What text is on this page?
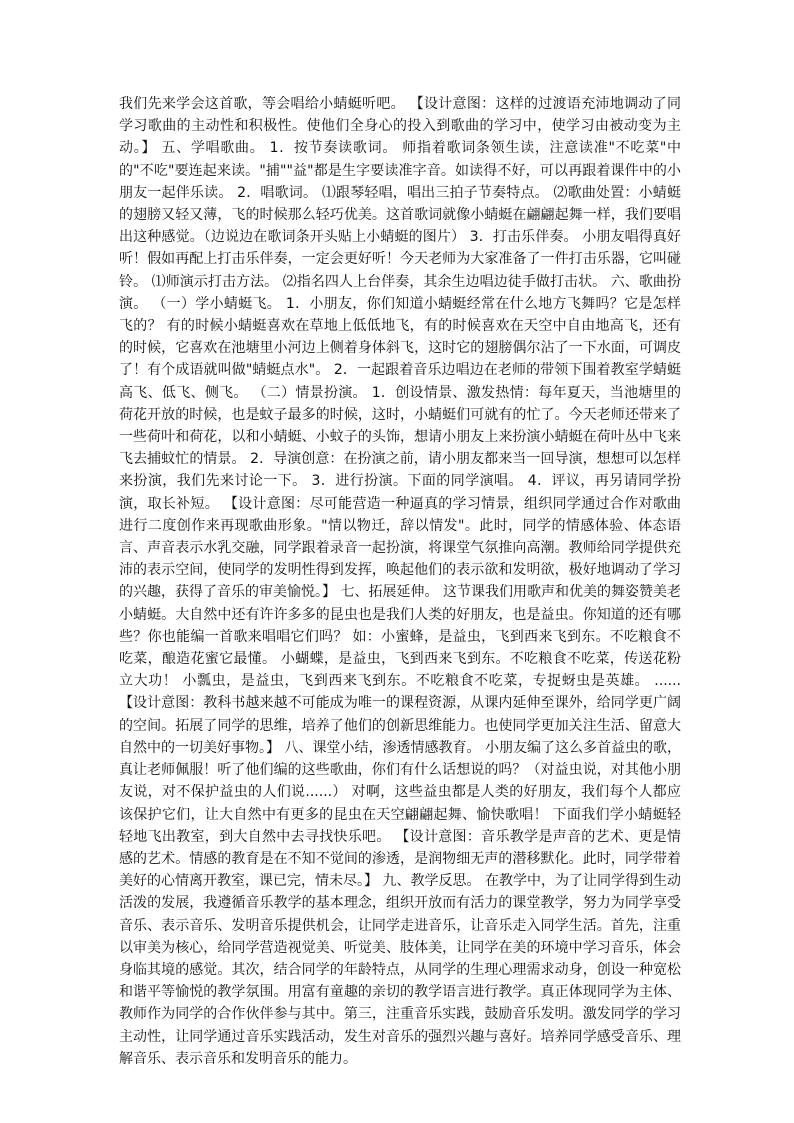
我们先来学会这首歌，等会唱给小蜻蜓听吧。 【设计意图：这样的过渡语充沛地调动了同学习歌曲的主动性和积极性。使他们全身心的投入到歌曲的学习中，使学习由被动变为主动。】 五、学唱歌曲。 1．按节奏读歌词。 师指着歌词条领生读，注意读准"不吃菜"中的"不吃"要连起来读。"捕""益"都是生字要读准字音。如读得不好，可以再跟着课件中的小朋友一起伴乐读。 2．唱歌词。 ⑴跟琴轻唱，唱出三拍子节奏特点。 ⑵歌曲处置：小蜻蜓的翅膀又轻又薄，飞的时候那么轻巧优美。这首歌词就像小蜻蜓在翩翩起舞一样，我们要唱出这种感觉。（边说边在歌词条开头贴上小蜻蜓的图片） 3．打击乐伴奏。 小朋友唱得真好听！假如再配上打击乐伴奏，一定会更好听！今天老师为大家准备了一件打击乐器，它叫碰铃。 ⑴师演示打击方法。 ⑵指名四人上台伴奏，其余生边唱边徒手做打击状。 六、歌曲扮演。 （一）学小蜻蜓飞。 1．小朋友，你们知道小蜻蜓经常在什么地方飞舞吗？它是怎样飞的？ 有的时候小蜻蜓喜欢在草地上低低地飞，有的时候喜欢在天空中自由地高飞，还有的时候，它喜欢在池塘里小河边上侧着身体斜飞，这时它的翅膀偶尔沾了一下水面，可调皮了！有个成语就叫做"蜻蜓点水"。 2．一起跟着音乐边唱边在老师的带领下围着教室学蜻蜓高飞、低飞、侧飞。 （二）情景扮演。 1．创设情景、激发热情：每年夏天，当池塘里的荷花开放的时候，也是蚊子最多的时候，这时，小蜻蜓们可就有的忙了。今天老师还带来了一些荷叶和荷花，以和小蜻蜓、小蚊子的头饰，想请小朋友上来扮演小蜻蜓在荷叶丛中飞来飞去捕蚊忙的情景。 2．导演创意：在扮演之前，请小朋友都来当一回导演，想想可以怎样来扮演，我们先来讨论一下。 3．进行扮演。下面的同学演唱。 4．评议，再另请同学扮演，取长补短。 【设计意图：尽可能营造一种逼真的学习情景，组织同学通过合作对歌曲进行二度创作来再现歌曲形象。"情以物迁，辞以情发"。此时，同学的情感体验、体态语言、声音表示水乳交融，同学跟着录音一起扮演，将课堂气氛推向高潮。教师给同学提供充沛的表示空间，使同学的发明性得到发挥，唤起他们的表示欲和发明欲，极好地调动了学习的兴趣，获得了音乐的审美愉悦。】 七、拓展延伸。 这节课我们用歌声和优美的舞姿赞美老小蜻蜓。大自然中还有许许多多的昆虫也是我们人类的好朋友，也是益虫。你知道的还有哪些？你也能编一首歌来唱唱它们吗？ 如：小蜜蜂，是益虫，飞到西来飞到东。不吃粮食不吃菜，酿造花蜜它最懂。 小蝴蝶，是益虫，飞到西来飞到东。不吃粮食不吃菜，传送花粉立大功！ 小瓢虫，是益虫，飞到西来飞到东。不吃粮食不吃菜，专捉蚜虫是英雄。 ...... 【设计意图：教科书越来越不可能成为唯一的课程资源，从课内延伸至课外，给同学更广阔的空间。拓展了同学的思维，培养了他们的创新思维能力。也使同学更加关注生活、留意大自然中的一切美好事物。】 八、课堂小结，渗透情感教育。 小朋友编了这么多首益虫的歌，真让老师佩服！听了他们编的这些歌曲，你们有什么话想说的吗？（对益虫说，对其他小朋友说，对不保护益虫的人们说......） 对啊，这些益虫都是人类的好朋友，我们每个人都应该保护它们，让大自然中有更多的昆虫在天空翩翩起舞、愉快歌唱！ 下面我们学小蜻蜓轻轻地飞出教室，到大自然中去寻找快乐吧。 【设计意图：音乐教学是声音的艺术、更是情感的艺术。情感的教育是在不知不觉间的渗透，是润物细无声的潜移默化。此时，同学带着美好的心情离开教室，课已完，情未尽。】 九、教学反思。 在教学中，为了让同学得到生动活泼的发展，我遵循音乐教学的基本理念，组织开放而有活力的课堂教学，努力为同学享受音乐、表示音乐、发明音乐提供机会，让同学走进音乐，让音乐走入同学生活。首先，注重以审美为核心，给同学营造视觉美、听觉美、肢体美，让同学在美的环境中学习音乐，体会身临其境的感觉。其次，结合同学的年龄特点，从同学的生理心理需求动身，创设一种宽松和谐平等愉悦的教学氛围。用富有童趣的亲切的教学语言进行教学。真正体现同学为主体、教师作为同学的合作伙伴参与其中。第三，注重音乐实践，鼓励音乐发明。激发同学的学习主动性，让同学通过音乐实践活动，发生对音乐的强烈兴趣与喜好。培养同学感受音乐、理解音乐、表示音乐和发明音乐的能力。
